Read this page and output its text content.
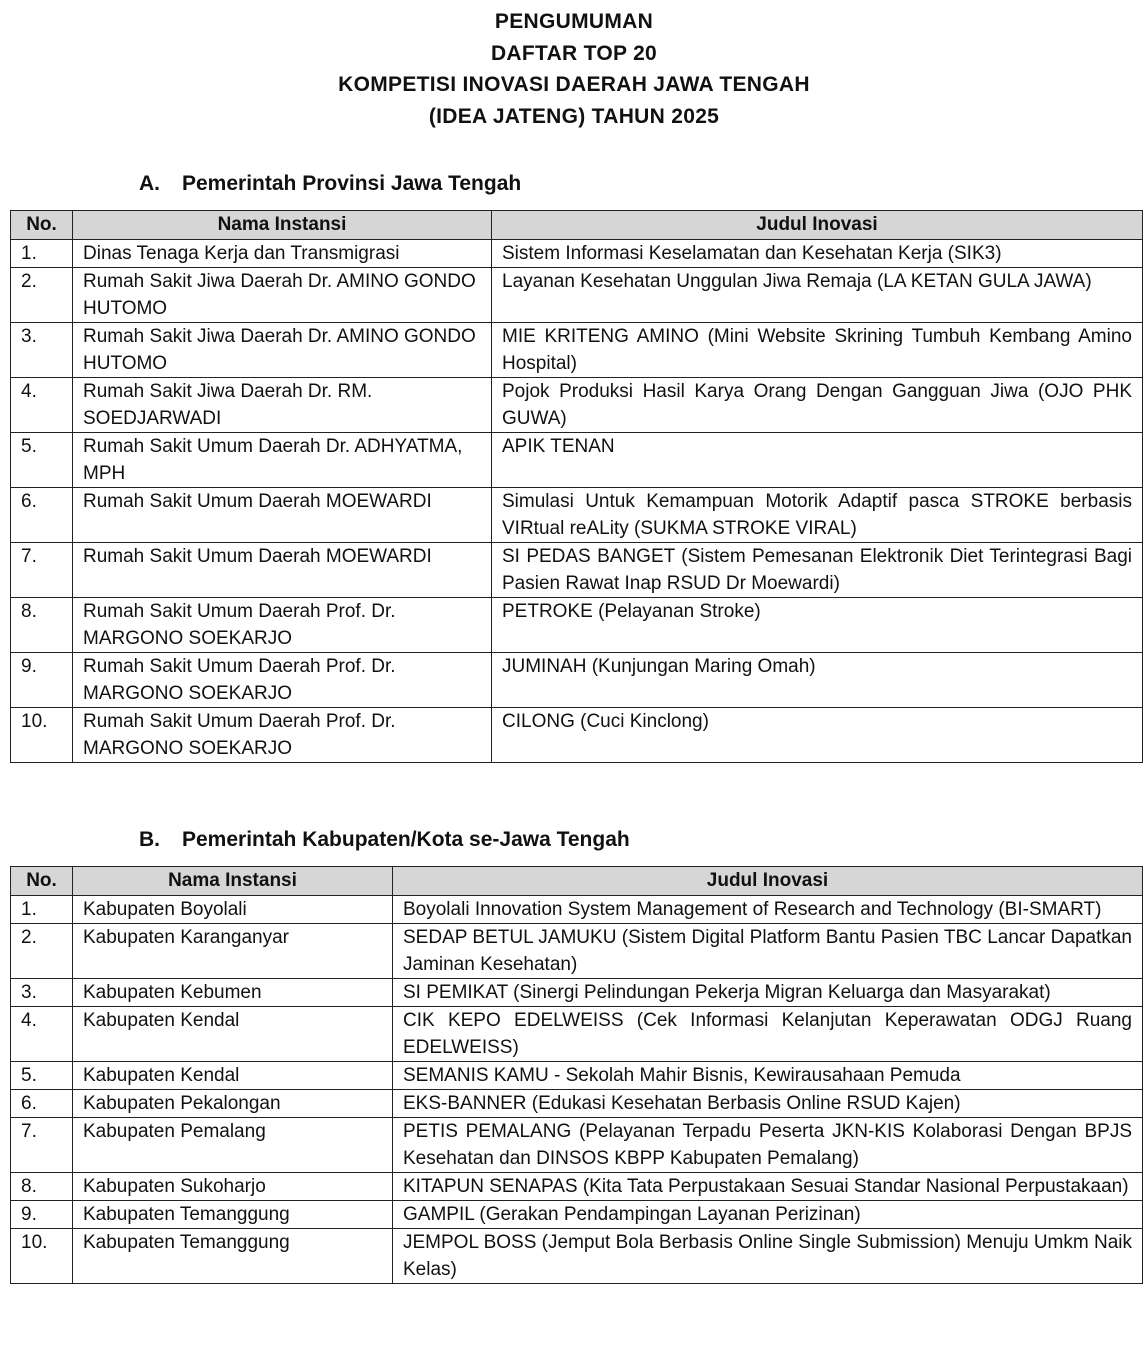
PENGUMUMAN
DAFTAR TOP 20
KOMPETISI INOVASI DAERAH JAWA TENGAH
(IDEA JATENG) TAHUN 2025
A. Pemerintah Provinsi Jawa Tengah
No.	Nama Instansi	Judul Inovasi
1.	Dinas Tenaga Kerja dan Transmigrasi	Sistem Informasi Keselamatan dan Kesehatan Kerja (SIK3)
2.	Rumah Sakit Jiwa Daerah Dr. AMINO GONDO HUTOMO	Layanan Kesehatan Unggulan Jiwa Remaja (LA KETAN GULA JAWA)
3.	Rumah Sakit Jiwa Daerah Dr. AMINO GONDO HUTOMO	MIE KRITENG AMINO (Mini Website Skrining Tumbuh Kembang Amino Hospital)
4.	Rumah Sakit Jiwa Daerah Dr. RM. SOEDJARWADI	Pojok Produksi Hasil Karya Orang Dengan Gangguan Jiwa (OJO PHK GUWA)
5.	Rumah Sakit Umum Daerah Dr. ADHYATMA, MPH	APIK TENAN
6.	Rumah Sakit Umum Daerah MOEWARDI	Simulasi Untuk Kemampuan Motorik Adaptif pasca STROKE berbasis VIRtual reALity (SUKMA STROKE VIRAL)
7.	Rumah Sakit Umum Daerah MOEWARDI	SI PEDAS BANGET (Sistem Pemesanan Elektronik Diet Terintegrasi Bagi Pasien Rawat Inap RSUD Dr Moewardi)
8.	Rumah Sakit Umum Daerah Prof. Dr. MARGONO SOEKARJO	PETROKE (Pelayanan Stroke)
9.	Rumah Sakit Umum Daerah Prof. Dr. MARGONO SOEKARJO	JUMINAH (Kunjungan Maring Omah)
10.	Rumah Sakit Umum Daerah Prof. Dr. MARGONO SOEKARJO	CILONG (Cuci Kinclong)
B. Pemerintah Kabupaten/Kota se-Jawa Tengah
No.	Nama Instansi	Judul Inovasi
1.	Kabupaten Boyolali	Boyolali Innovation System Management of Research and Technology (BI-SMART)
2.	Kabupaten Karanganyar	SEDAP BETUL JAMUKU (Sistem Digital Platform Bantu Pasien TBC Lancar Dapatkan Jaminan Kesehatan)
3.	Kabupaten Kebumen	SI PEMIKAT (Sinergi Pelindungan Pekerja Migran Keluarga dan Masyarakat)
4.	Kabupaten Kendal	CIK KEPO EDELWEISS (Cek Informasi Kelanjutan Keperawatan ODGJ Ruang EDELWEISS)
5.	Kabupaten Kendal	SEMANIS KAMU - Sekolah Mahir Bisnis, Kewirausahaan Pemuda
6.	Kabupaten Pekalongan	EKS-BANNER (Edukasi Kesehatan Berbasis Online RSUD Kajen)
7.	Kabupaten Pemalang	PETIS PEMALANG (Pelayanan Terpadu Peserta JKN-KIS Kolaborasi Dengan BPJS Kesehatan dan DINSOS KBPP Kabupaten Pemalang)
8.	Kabupaten Sukoharjo	KITAPUN SENAPAS (Kita Tata Perpustakaan Sesuai Standar Nasional Perpustakaan)
9.	Kabupaten Temanggung	GAMPIL (Gerakan Pendampingan Layanan Perizinan)
10.	Kabupaten Temanggung	JEMPOL BOSS (Jemput Bola Berbasis Online Single Submission) Menuju Umkm Naik Kelas)
